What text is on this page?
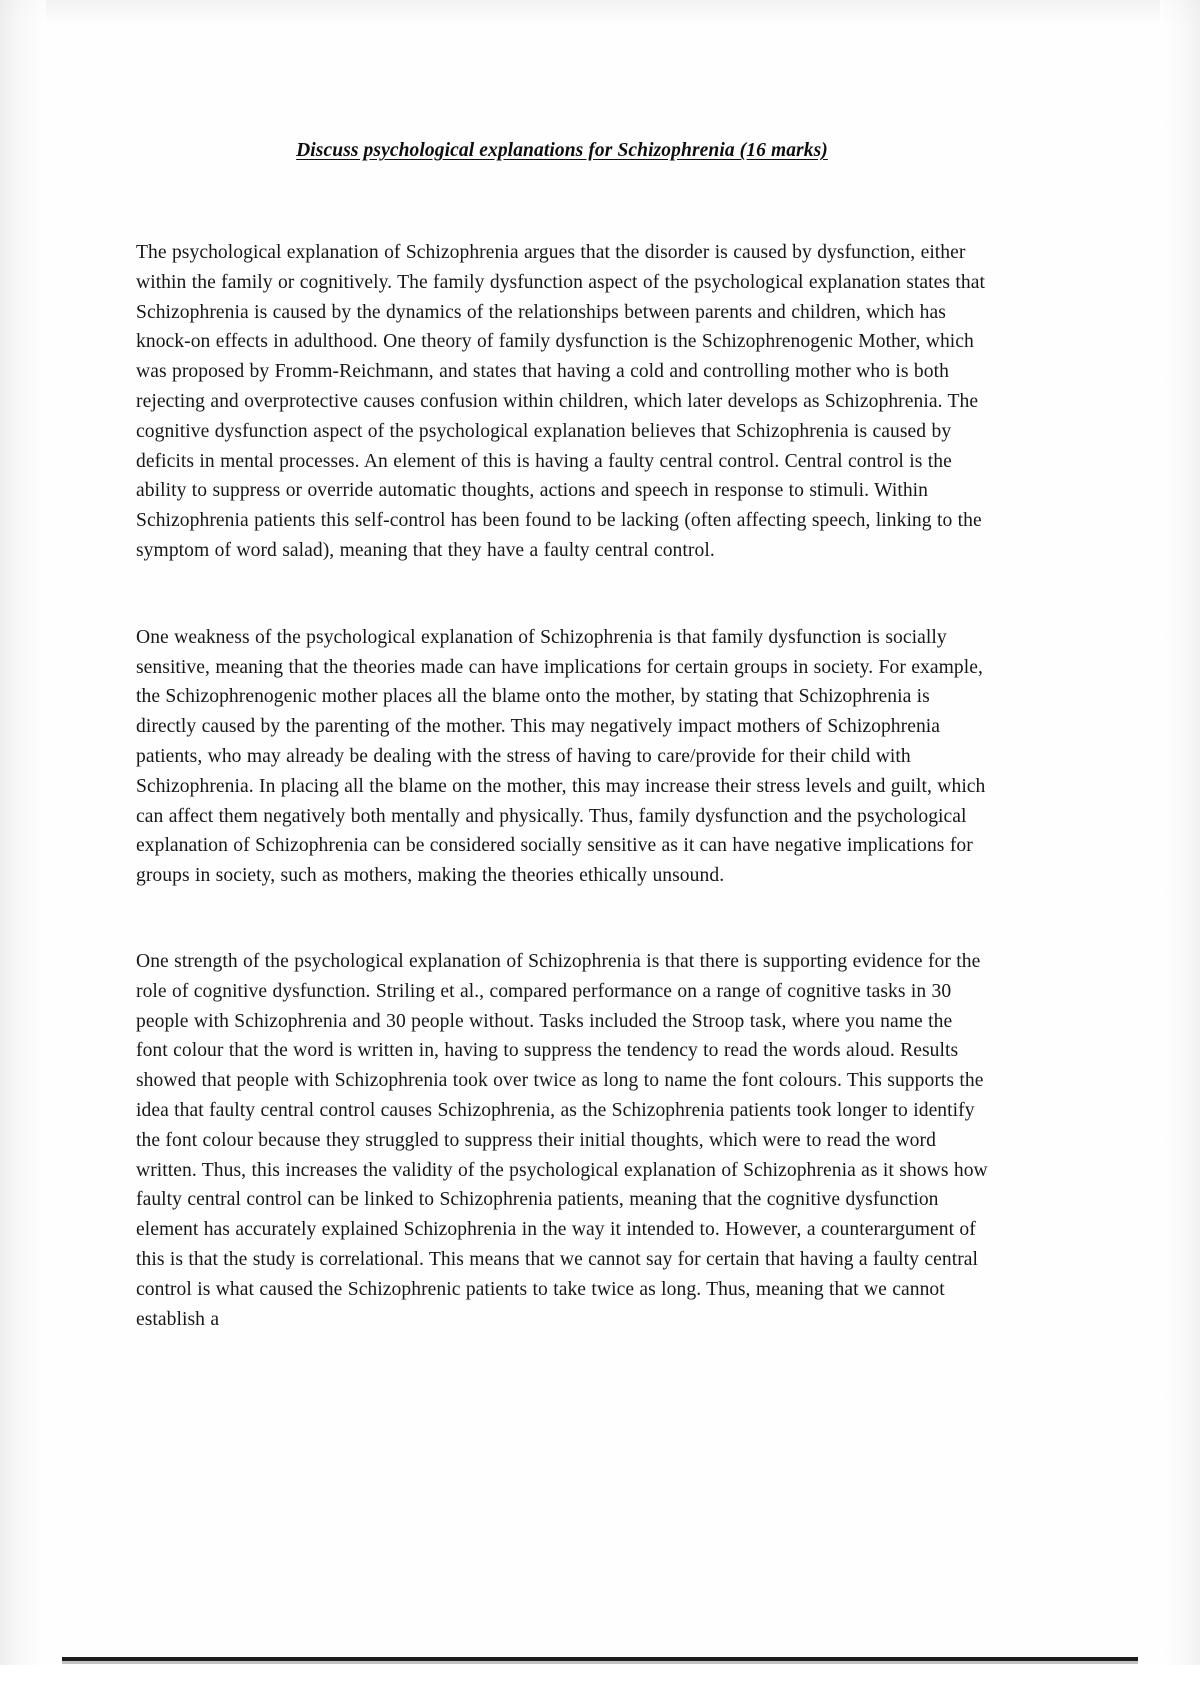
Discuss psychological explanations for Schizophrenia (16 marks)

The psychological explanation of Schizophrenia argues that the disorder is caused by dysfunction, either within the family or cognitively. The family dysfunction aspect of the psychological explanation states that Schizophrenia is caused by the dynamics of the relationships between parents and children, which has knock-on effects in adulthood. One theory of family dysfunction is the Schizophrenogenic Mother, which was proposed by Fromm-Reichmann, and states that having a cold and controlling mother who is both rejecting and overprotective causes confusion within children, which later develops as Schizophrenia. The cognitive dysfunction aspect of the psychological explanation believes that Schizophrenia is caused by deficits in mental processes. An element of this is having a faulty central control. Central control is the ability to suppress or override automatic thoughts, actions and speech in response to stimuli. Within Schizophrenia patients this self-control has been found to be lacking (often affecting speech, linking to the symptom of word salad), meaning that they have a faulty central control.

One weakness of the psychological explanation of Schizophrenia is that family dysfunction is socially sensitive, meaning that the theories made can have implications for certain groups in society. For example, the Schizophrenogenic mother places all the blame onto the mother, by stating that Schizophrenia is directly caused by the parenting of the mother. This may negatively impact mothers of Schizophrenia patients, who may already be dealing with the stress of having to care/provide for their child with Schizophrenia. In placing all the blame on the mother, this may increase their stress levels and guilt, which can affect them negatively both mentally and physically. Thus, family dysfunction and the psychological explanation of Schizophrenia can be considered socially sensitive as it can have negative implications for groups in society, such as mothers, making the theories ethically unsound.

One strength of the psychological explanation of Schizophrenia is that there is supporting evidence for the role of cognitive dysfunction. Striling et al., compared performance on a range of cognitive tasks in 30 people with Schizophrenia and 30 people without. Tasks included the Stroop task, where you name the font colour that the word is written in, having to suppress the tendency to read the words aloud. Results showed that people with Schizophrenia took over twice as long to name the font colours. This supports the idea that faulty central control causes Schizophrenia, as the Schizophrenia patients took longer to identify the font colour because they struggled to suppress their initial thoughts, which were to read the word written. Thus, this increases the validity of the psychological explanation of Schizophrenia as it shows how faulty central control can be linked to Schizophrenia patients, meaning that the cognitive dysfunction element has accurately explained Schizophrenia in the way it intended to. However, a counterargument of this is that the study is correlational. This means that we cannot say for certain that having a faulty central control is what caused the Schizophrenic patients to take twice as long. Thus, meaning that we cannot establish a
